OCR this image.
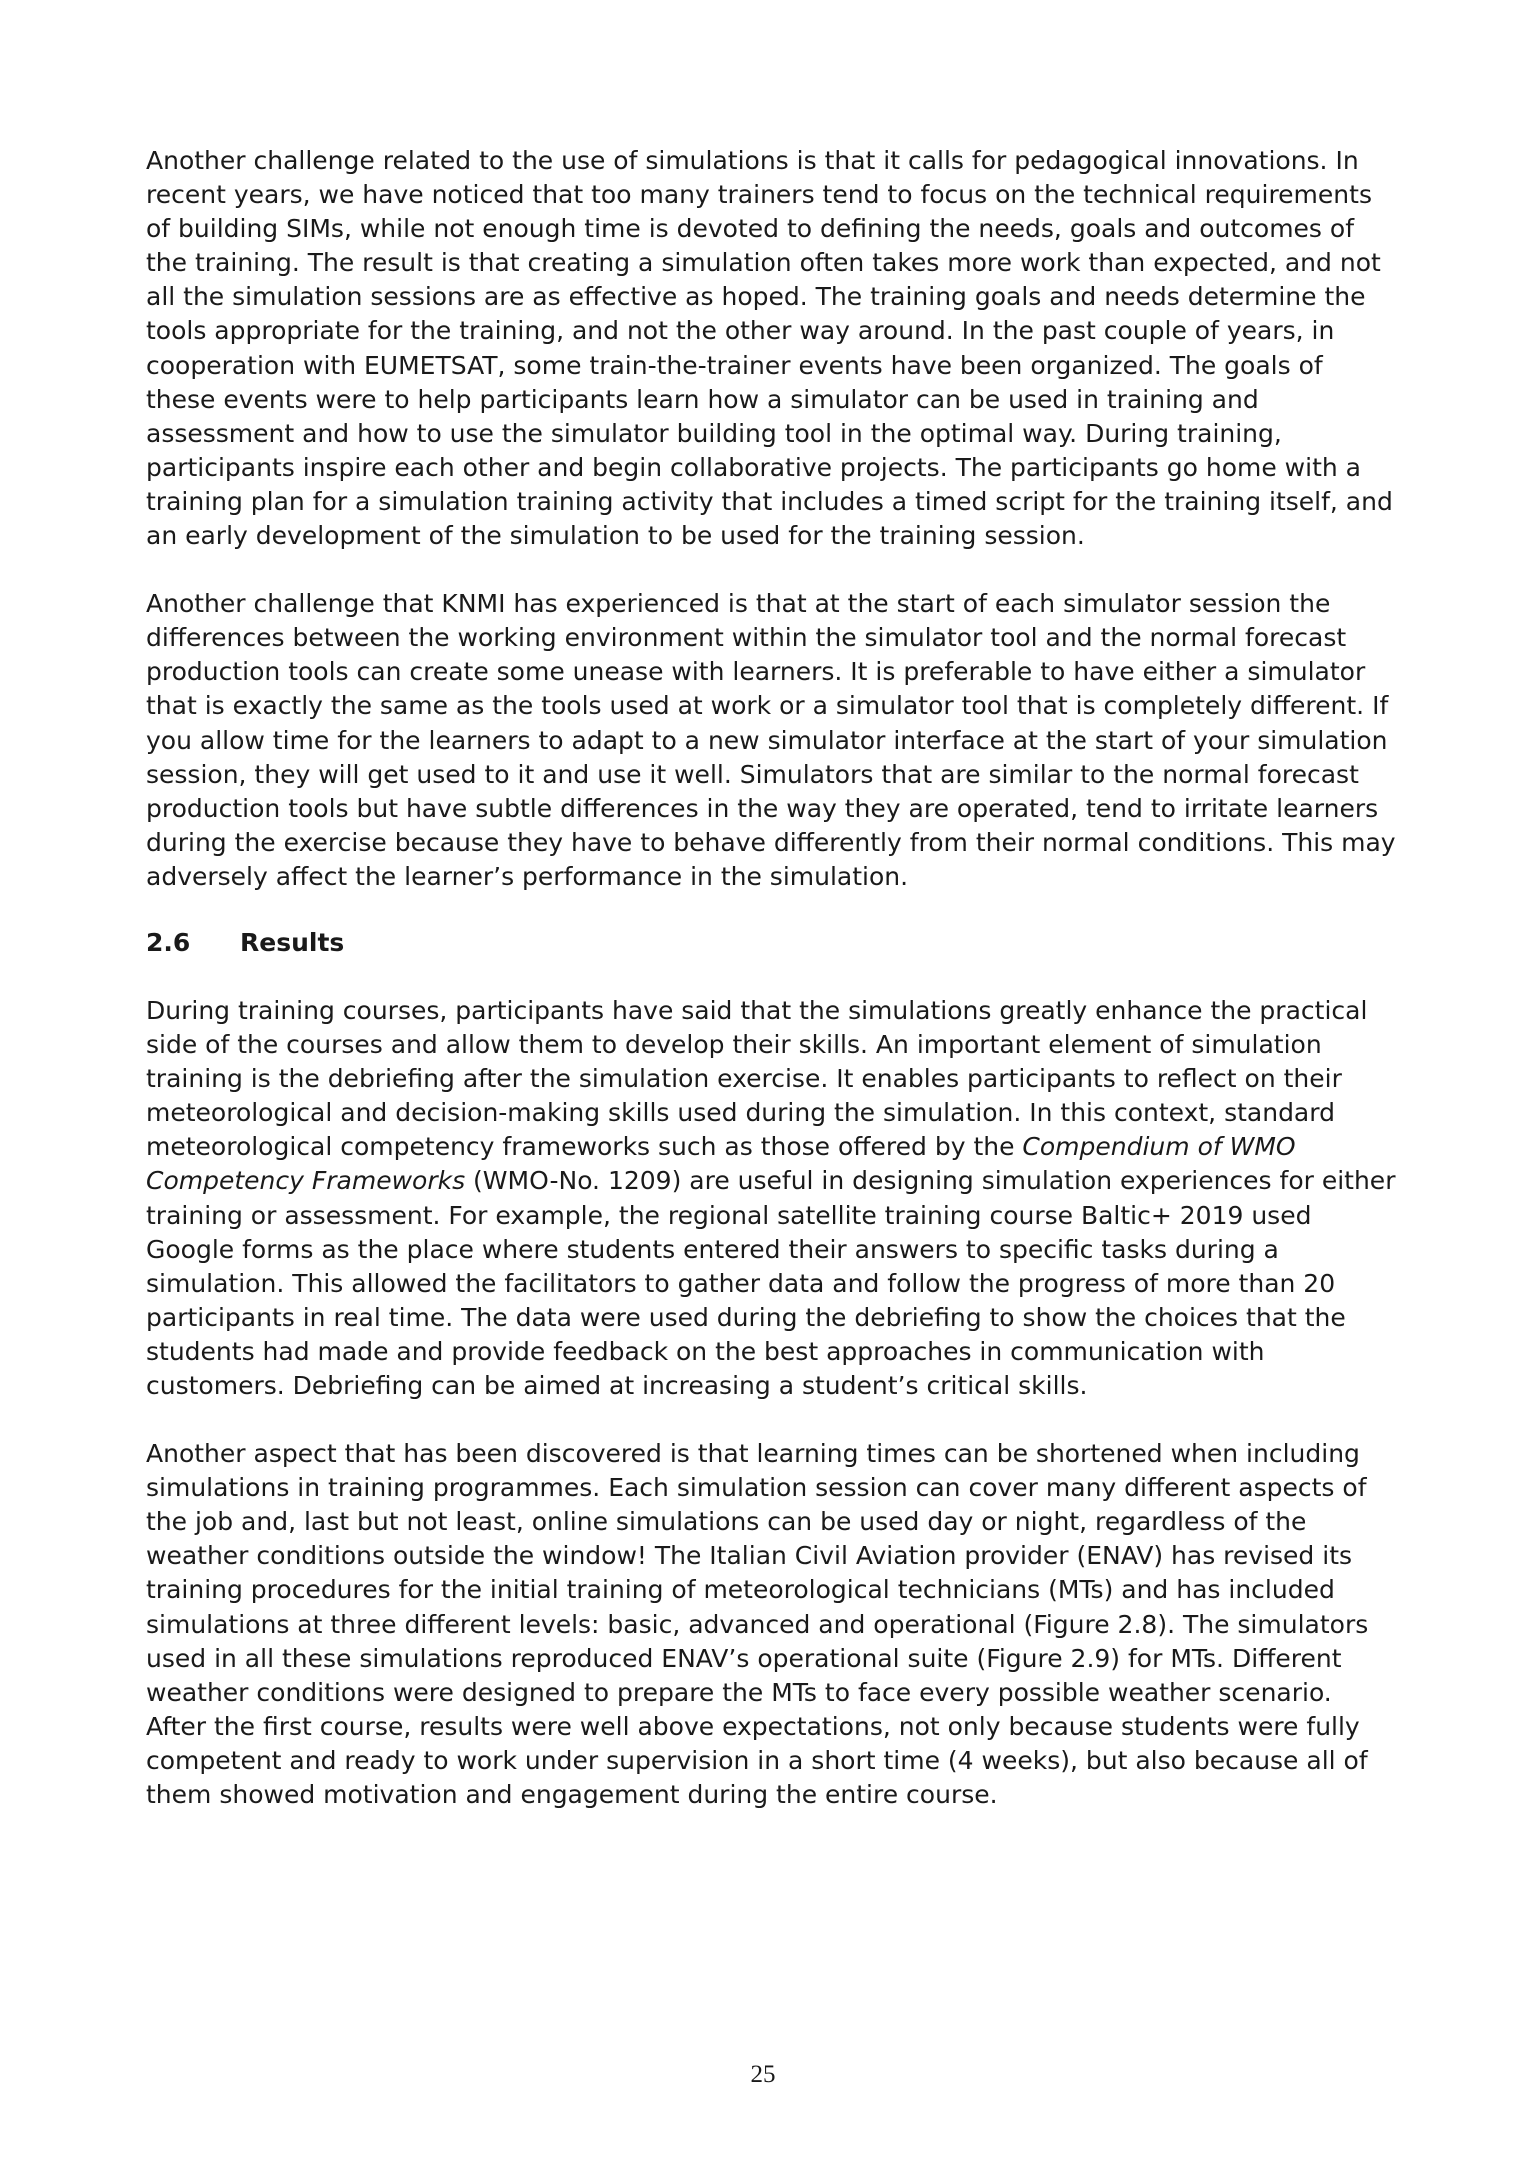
Another challenge related to the use of simulations is that it calls for pedagogical innovations. In recent years, we have noticed that too many trainers tend to focus on the technical requirements of building SIMs, while not enough time is devoted to defining the needs, goals and outcomes of the training. The result is that creating a simulation often takes more work than expected, and not all the simulation sessions are as effective as hoped. The training goals and needs determine the tools appropriate for the training, and not the other way around. In the past couple of years, in cooperation with EUMETSAT, some train-the-trainer events have been organized. The goals of these events were to help participants learn how a simulator can be used in training and assessment and how to use the simulator building tool in the optimal way. During training, participants inspire each other and begin collaborative projects. The participants go home with a training plan for a simulation training activity that includes a timed script for the training itself, and an early development of the simulation to be used for the training session.

Another challenge that KNMI has experienced is that at the start of each simulator session the differences between the working environment within the simulator tool and the normal forecast production tools can create some unease with learners. It is preferable to have either a simulator that is exactly the same as the tools used at work or a simulator tool that is completely different. If you allow time for the learners to adapt to a new simulator interface at the start of your simulation session, they will get used to it and use it well. Simulators that are similar to the normal forecast production tools but have subtle differences in the way they are operated, tend to irritate learners during the exercise because they have to behave differently from their normal conditions. This may adversely affect the learner’s performance in the simulation.

2.6	Results

During training courses, participants have said that the simulations greatly enhance the practical side of the courses and allow them to develop their skills. An important element of simulation training is the debriefing after the simulation exercise. It enables participants to reflect on their meteorological and decision-making skills used during the simulation. In this context, standard meteorological competency frameworks such as those offered by the Compendium of WMO Competency Frameworks (WMO-No. 1209) are useful in designing simulation experiences for either training or assessment. For example, the regional satellite training course Baltic+ 2019 used Google forms as the place where students entered their answers to specific tasks during a simulation. This allowed the facilitators to gather data and follow the progress of more than 20 participants in real time. The data were used during the debriefing to show the choices that the students had made and provide feedback on the best approaches in communication with customers. Debriefing can be aimed at increasing a student’s critical skills.

Another aspect that has been discovered is that learning times can be shortened when including simulations in training programmes. Each simulation session can cover many different aspects of the job and, last but not least, online simulations can be used day or night, regardless of the weather conditions outside the window! The Italian Civil Aviation provider (ENAV) has revised its training procedures for the initial training of meteorological technicians (MTs) and has included simulations at three different levels: basic, advanced and operational (Figure 2.8). The simulators used in all these simulations reproduced ENAV’s operational suite (Figure 2.9) for MTs. Different weather conditions were designed to prepare the MTs to face every possible weather scenario. After the first course, results were well above expectations, not only because students were fully competent and ready to work under supervision in a short time (4 weeks), but also because all of them showed motivation and engagement during the entire course.

25
